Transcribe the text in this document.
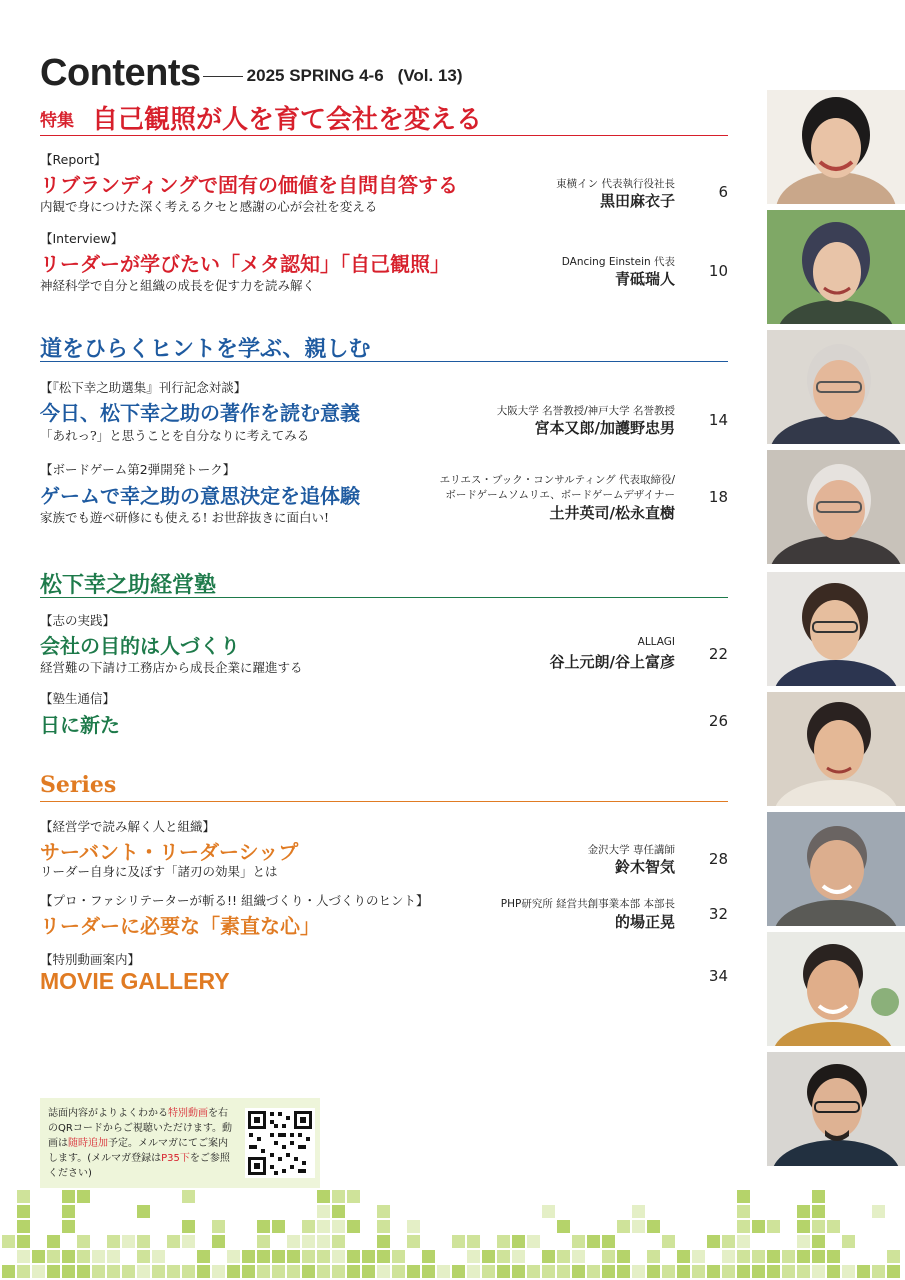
Contents	2025 SPRING 4-6 (Vol. 13)
特集 自己観照が人を育て会社を変える
【Report】
リブランディングで固有の価値を自問自答する
内観で身につけた深く考えるクセと感謝の心が会社を変える
東横イン 代表執行役社長
黒田麻衣子	6
【Interview】
リーダーが学びたい「メタ認知」「自己観照」
神経科学で自分と組織の成長を促す力を読み解く
DAncing Einstein 代表
青砥瑞人	10
道をひらくヒントを学ぶ、親しむ
【『松下幸之助選集』刊行記念対談】
今日、松下幸之助の著作を読む意義
「あれっ?」と思うことを自分なりに考えてみる
大阪大学 名誉教授/神戸大学 名誉教授
宮本又郎/加護野忠男	14
【ボードゲーム第2弾開発トーク】
ゲームで幸之助の意思決定を追体験
家族でも遊べ研修にも使える! お世辞抜きに面白い!
エリエス・ブック・コンサルティング 代表取締役/
ボードゲームソムリエ、ボードゲームデザイナー
土井英司/松永直樹
18
松下幸之助経営塾
【志の実践】
会社の目的は人づくり
経営難の下請け工務店から成長企業に躍進する
ALLAGI
谷上元朗/谷上富彦	22
【塾生通信】
日に新た	26
Series
【経営学で読み解く人と組織】
サーバント・リーダーシップ
リーダー自身に及ぼす「諸刃の効果」とは
金沢大学 専任講師
鈴木智気	28
【プロ・ファシリテーターが斬る!! 組織づくり・人づくりのヒント】
リーダーに必要な「素直な心」
PHP研究所 経営共創事業本部 本部長
的場正晃	32
【特別動画案内】
MOVIE GALLERY	34
誌面内容がよりよくわかる特別動画を右のQRコードからご視聴いただけます。動画は随時追加予定。メルマガにてご案内します。(メルマガ登録はP35下をご参照ください)
